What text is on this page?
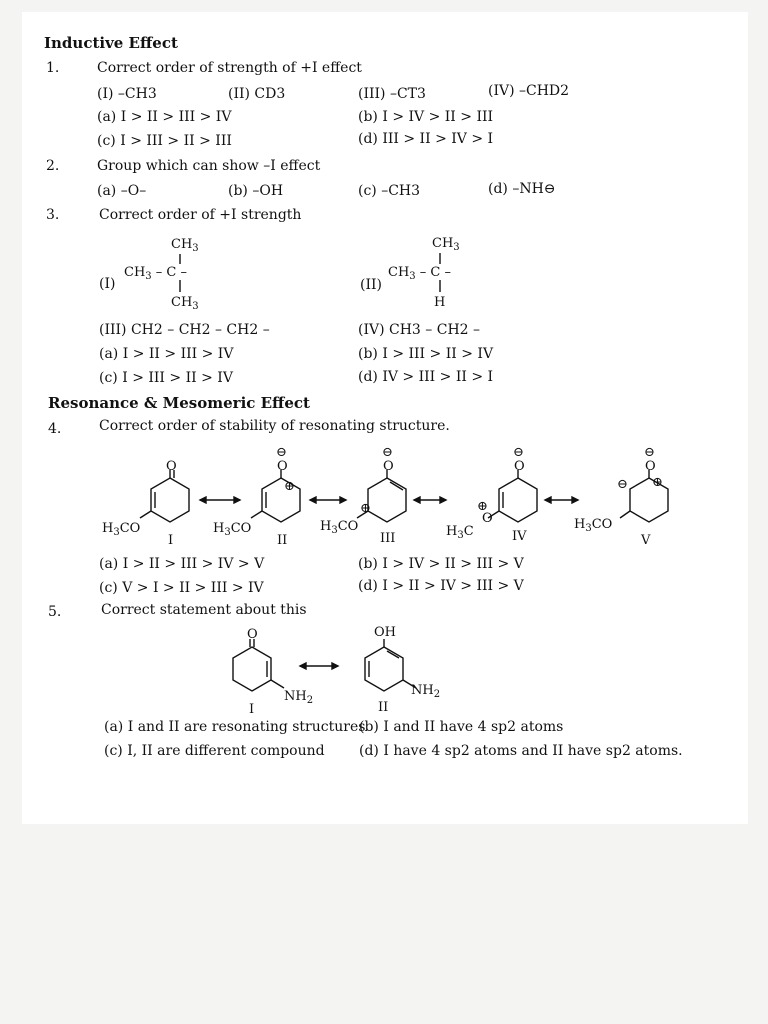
Inductive Effect
1.	Correct order of strength of +I effect
(I) –CH3	(II) CD3	(III) –CT3	(IV) –CHD2
(a) I > II > III > IV	(b) I > IV > II > III
(c) I > III > II > III	(d) III > II > IV > I
2.	Group which can show –I effect
(a) –O–	(b) –OH	(c) –CH3	(d) –NH⊖
3.	Correct order of +I strength
(I)	(II)
$CH_3$
$CH_3$ – C –
$CH_3$
$CH_3$
$CH_3$ – C –
H
(III) CH2 – CH2 – CH2 –	(IV) CH3 – CH2 –
(a) I > II > III > IV	(b) I > III > II > IV
(c) I > III > II > IV	(d) IV > III > II > I
Resonance & Mesomeric Effect
4.	Correct order of stability of resonating structure.
O
$H_3CO$
I
O
⊖
⊕
$H_3CO$
II
O
⊖
⊕
$H_3CO$
III
O
⊖
O
⊕
$H_3C$	IV
O
⊖
⊕
⊖
$H_3CO$
V
(a) I > II > III > IV > V	(b) I > IV > II > III > V
(c) V > I > II > III > IV	(d) I > II > IV > III > V
5.	Correct statement about this
O
$NH_2$
I
OH
$NH_2$
II
(a) I and II are resonating structures
(b) I and II have 4 sp2 atoms
(c) I, II are different compound (d) I have 4 sp2 atoms and II have sp2 atoms.
